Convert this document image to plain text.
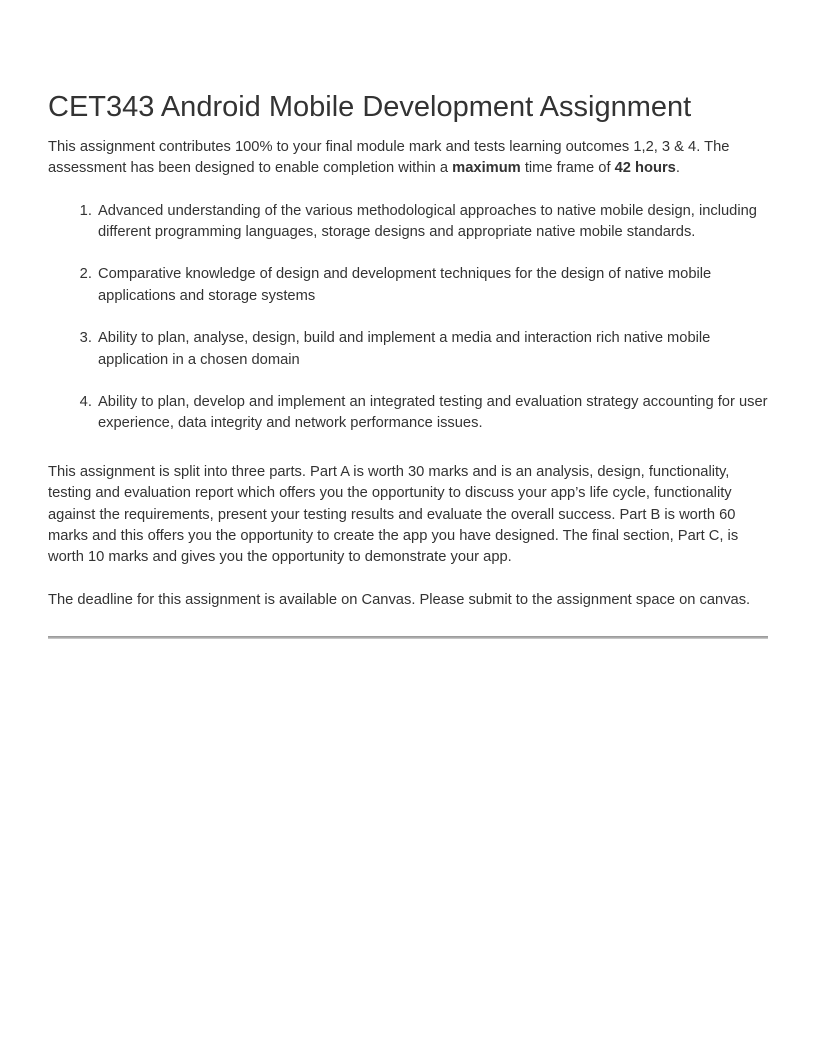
CET343 Android Mobile Development Assignment

This assignment contributes 100% to your final module mark and tests learning outcomes 1,2, 3 & 4. The assessment has been designed to enable completion within a maximum time frame of 42 hours.

1. Advanced understanding of the various methodological approaches to native mobile design, including different programming languages, storage designs and appropriate native mobile standards.
2. Comparative knowledge of design and development techniques for the design of native mobile applications and storage systems
3. Ability to plan, analyse, design, build and implement a media and interaction rich native mobile application in a chosen domain
4. Ability to plan, develop and implement an integrated testing and evaluation strategy accounting for user experience, data integrity and network performance issues.

This assignment is split into three parts. Part A is worth 30 marks and is an analysis, design, functionality, testing and evaluation report which offers you the opportunity to discuss your app’s life cycle, functionality against the requirements, present your testing results and evaluate the overall success. Part B is worth 60 marks and this offers you the opportunity to create the app you have designed. The final section, Part C, is worth 10 marks and gives you the opportunity to demonstrate your app.

The deadline for this assignment is available on Canvas. Please submit to the assignment space on canvas.
